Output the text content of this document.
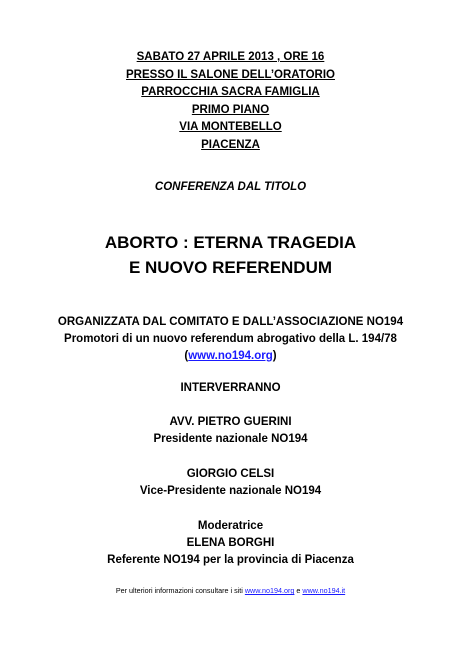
SABATO 27 APRILE 2013 , ORE 16
PRESSO IL SALONE DELL’ORATORIO
PARROCCHIA SACRA FAMIGLIA
PRIMO PIANO
VIA MONTEBELLO
PIACENZA
CONFERENZA DAL TITOLO
ABORTO : ETERNA TRAGEDIA
E NUOVO REFERENDUM
ORGANIZZATA DAL COMITATO E DALL’ASSOCIAZIONE NO194
Promotori di un nuovo referendum abrogativo della L. 194/78
(www.no194.org)
INTERVERRANNO
AVV. PIETRO GUERINI
Presidente nazionale NO194
GIORGIO CELSI
Vice-Presidente nazionale NO194
Moderatrice
ELENA BORGHI
Referente NO194 per la provincia di Piacenza
Per ulteriori informazioni consultare i siti www.no194.org e www.no194.it
